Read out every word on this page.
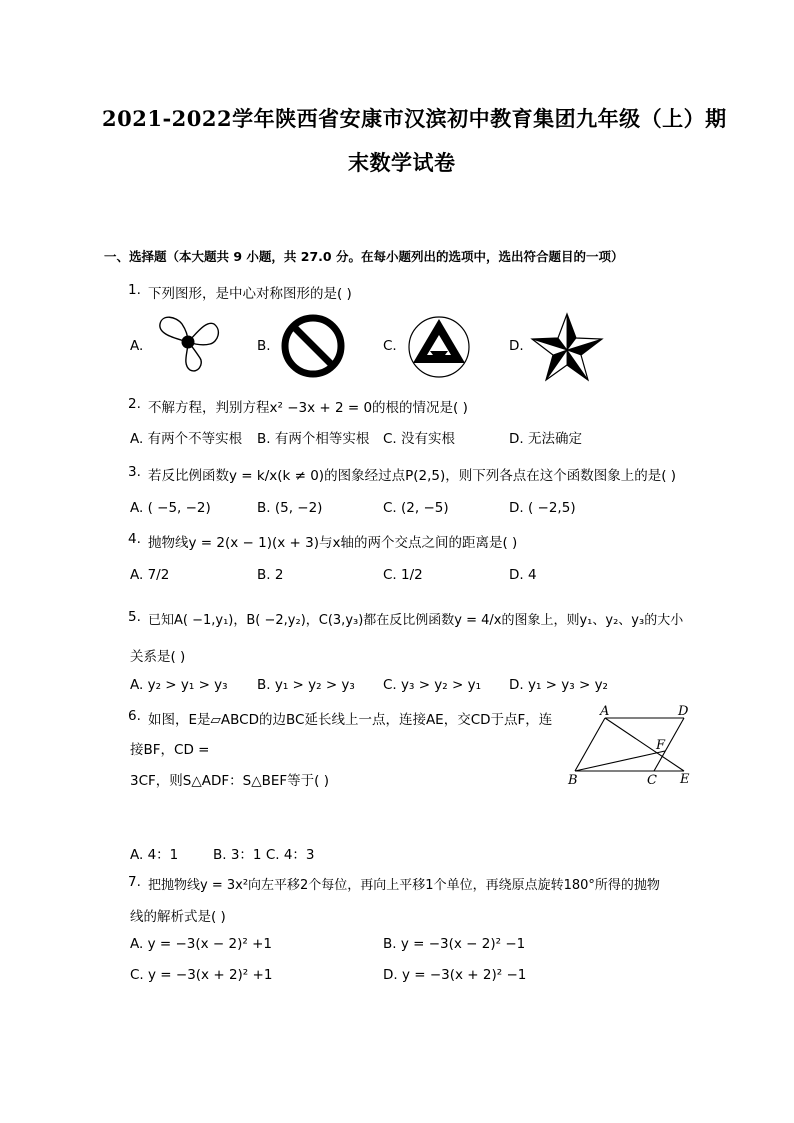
2021-2022学年陕西省安康市汉滨初中教育集团九年级（上）期
末数学试卷
一、选择题（本大题共 9 小题，共 27.0 分。在每小题列出的选项中，选出符合题目的一项）
1. 下列图形，是中心对称图形的是( )
A.	B.	C.	D.
2. 不解方程，判别方程x² −3x + 2 = 0的根的情况是( )
A. 有两个不等实根 B. 有两个相等实根 C. 没有实根	D. 无法确定
3. 若反比例函数y = k/x(k ≠ 0)的图象经过点P(2,5)，则下列各点在这个函数图象上的是( )
A. ( −5, −2)	B. (5, −2)	C. (2, −5)	D. ( −2,5)
4. 抛物线y = 2(x − 1)(x + 3)与x轴的两个交点之间的距离是( )
A. 7/2	B. 2	C. 1/2	D. 4
5. 已知A( −1,y₁)，B( −2,y₂)，C(3,y₃)都在反比例函数y = 4/x的图象上，则y₁、y₂、y₃的大小
关系是( )
A. y₂ > y₁ > y₃ B. y₁ > y₂ > y₃ C. y₃ > y₂ > y₁ D. y₁ > y₃ > y₂
6. 如图，E是▱ABCD的边BC延长线上一点，连接AE，交CD于点F，连
接BF，CD =
3CF，则S△ADF：S△BEF等于( )
A	D
F
B	C E
A. 4：1	B. 3：1 C. 4：3
7. 把抛物线y = 3x²向左平移2个每位，再向上平移1个单位，再绕原点旋转180°所得的抛物
线的解析式是( )
A. y = −3(x − 2)² +1	B. y = −3(x − 2)² −1
C. y = −3(x + 2)² +1	D. y = −3(x + 2)² −1
